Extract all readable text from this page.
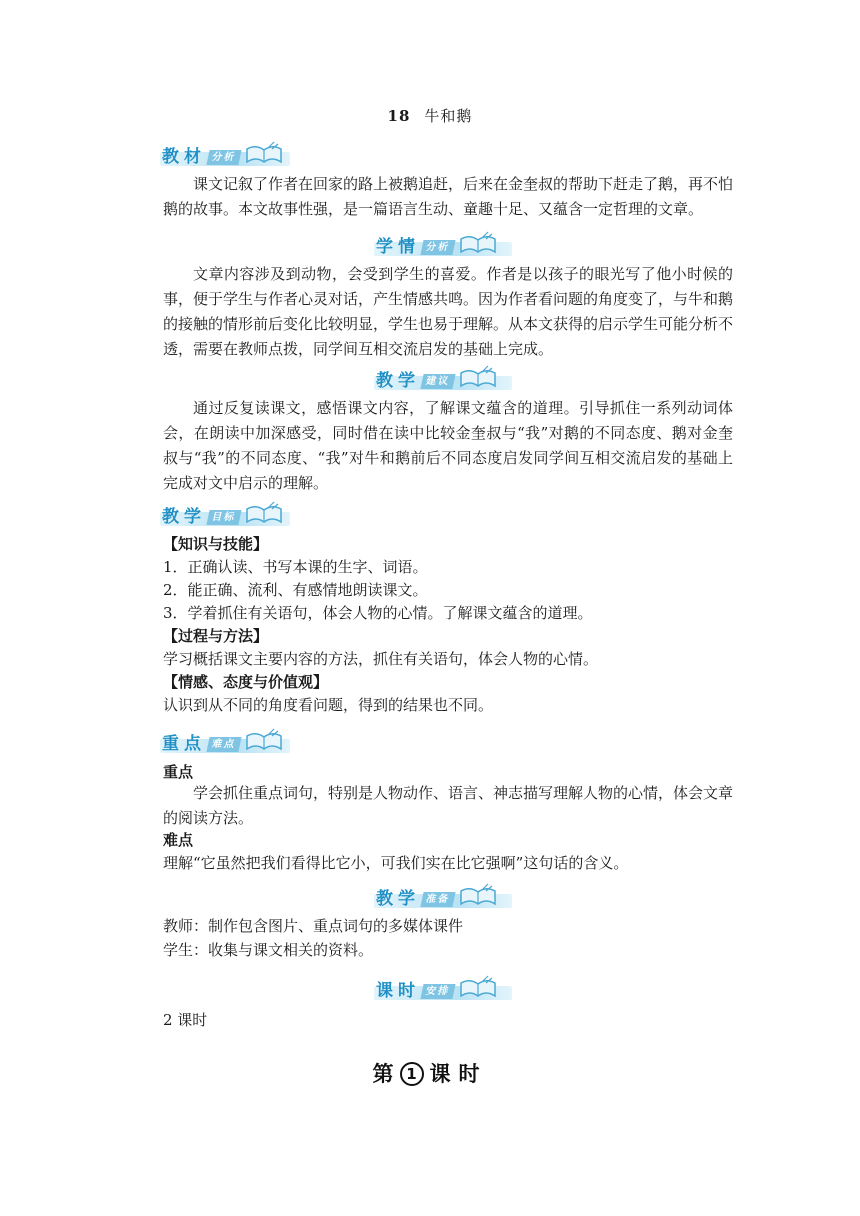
18 牛和鹅
教材 分析
课文记叙了作者在回家的路上被鹅追赶，后来在金奎叔的帮助下赶走了鹅，再不怕鹅的故事。本文故事性强，是一篇语言生动、童趣十足、又蕴含一定哲理的文章。
学情 分析
文章内容涉及到动物，会受到学生的喜爱。作者是以孩子的眼光写了他小时候的事，便于学生与作者心灵对话，产生情感共鸣。因为作者看问题的角度变了，与牛和鹅的接触的情形前后变化比较明显，学生也易于理解。从本文获得的启示学生可能分析不透，需要在教师点拨，同学间互相交流启发的基础上完成。
教学 建议
通过反复读课文，感悟课文内容，了解课文蕴含的道理。引导抓住一系列动词体会，在朗读中加深感受，同时借在读中比较金奎叔与“我”对鹅的不同态度、鹅对金奎叔与“我”的不同态度、“我”对牛和鹅前后不同态度启发同学间互相交流启发的基础上完成对文中启示的理解。
教学 目标
【知识与技能】
1．正确认读、书写本课的生字、词语。
2．能正确、流利、有感情地朗读课文。
3．学着抓住有关语句，体会人物的心情。了解课文蕴含的道理。
【过程与方法】
学习概括课文主要内容的方法，抓住有关语句，体会人物的心情。
【情感、态度与价值观】
认识到从不同的角度看问题，得到的结果也不同。
重点 难点
重点
学会抓住重点词句，特别是人物动作、语言、神志描写理解人物的心情，体会文章的阅读方法。
难点
理解“它虽然把我们看得比它小，可我们实在比它强啊”这句话的含义。
教学 准备
教师：制作包含图片、重点词句的多媒体课件
学生：收集与课文相关的资料。
课时 安排
2 课时
第 1 课时
